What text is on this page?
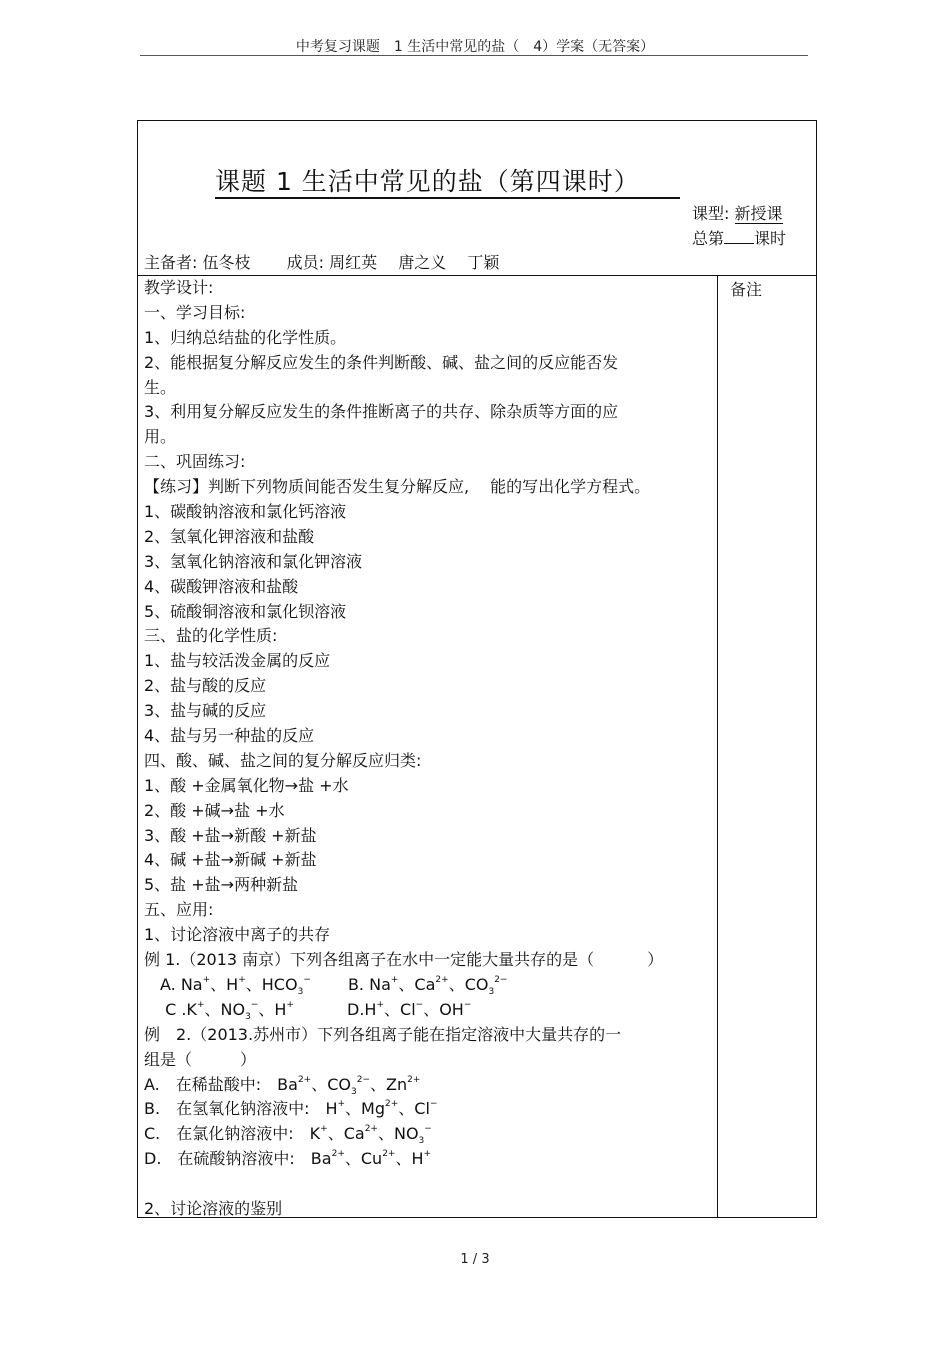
中考复习课题　1 生活中常见的盐（　4）学案（无答案）
课题 1 生活中常见的盐（第四课时）
课型: 新授课
总第 课时
主备者: 伍冬枝 成员: 周红英　 唐之义　 丁颖
备注
教学设计:
一、学习目标:
1、归纳总结盐的化学性质。
2、能根据复分解反应发生的条件判断酸、碱、盐之间的反应能否发
生。
3、利用复分解反应发生的条件推断离子的共存、除杂质等方面的应
用。
二、巩固练习:
【练习】判断下列物质间能否发生复分解反应,　 能的写出化学方程式。
1、碳酸钠溶液和氯化钙溶液
2、氢氧化钾溶液和盐酸
3、氢氧化钠溶液和氯化钾溶液
4、碳酸钾溶液和盐酸
5、硫酸铜溶液和氯化钡溶液
三、盐的化学性质:
1、盐与较活泼金属的反应
2、盐与酸的反应
3、盐与碱的反应
4、盐与另一种盐的反应
四、酸、碱、盐之间的复分解反应归类:
1、酸 +金属氧化物→盐 +水
2、酸 +碱→盐 +水
3、酸 +盐→新酸 +新盐
4、碱 +盐→新碱 +新盐
5、盐 +盐→两种新盐
五、应用:
1、讨论溶液中离子的共存
例 1.（2013 南京）下列各组离子在水中一定能大量共存的是（　　　 ）
　A. Na+、H+、$HCO_3^-$　　 B. Na+、$Ca^{2+}$、$CO_3^{2-}$
　 C .K+、$NO_3^-$、H+　　　 D.H+、Cl−、OH−
例　2.（2013.苏州市）下列各组离子能在指定溶液中大量共存的一
组是（　　　）
A.　在稀盐酸中:　$Ba^{2+}$、$CO_3^{2-}$、$Zn^{2+}$
B.　在氢氧化钠溶液中:　H+、$Mg^{2+}$、Cl−
C.　在氯化钠溶液中:　K+、$Ca^{2+}$、$NO_3^-$
D.　在硫酸钠溶液中:　$Ba^{2+}$、$Cu^{2+}$、H+
2、讨论溶液的鉴别
1 / 3
